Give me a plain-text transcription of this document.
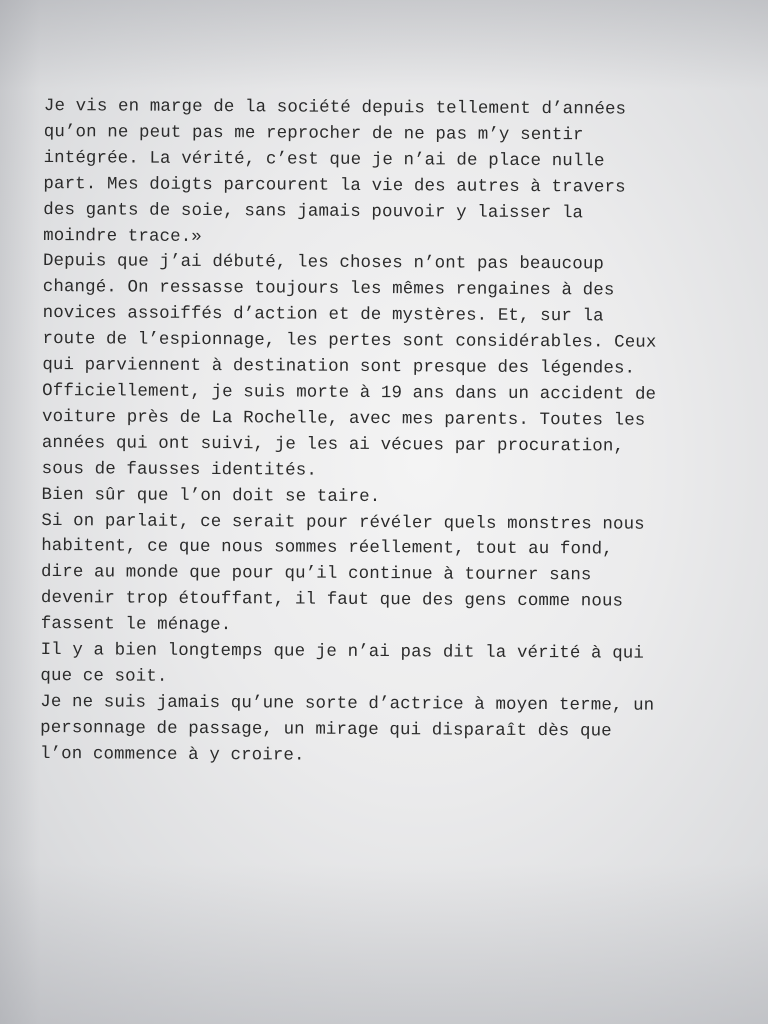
Je vis en marge de la société depuis tellement d’années
qu’on ne peut pas me reprocher de ne pas m’y sentir
intégrée. La vérité, c’est que je n’ai de place nulle
part. Mes doigts parcourent la vie des autres à travers
des gants de soie, sans jamais pouvoir y laisser la
moindre trace.»
Depuis que j’ai débuté, les choses n’ont pas beaucoup
changé. On ressasse toujours les mêmes rengaines à des
novices assoiffés d’action et de mystères. Et, sur la
route de l’espionnage, les pertes sont considérables. Ceux
qui parviennent à destination sont presque des légendes.
Officiellement, je suis morte à 19 ans dans un accident de
voiture près de La Rochelle, avec mes parents. Toutes les
années qui ont suivi, je les ai vécues par procuration,
sous de fausses identités.
Bien sûr que l’on doit se taire.
Si on parlait, ce serait pour révéler quels monstres nous
habitent, ce que nous sommes réellement, tout au fond,
dire au monde que pour qu’il continue à tourner sans
devenir trop étouffant, il faut que des gens comme nous
fassent le ménage.
Il y a bien longtemps que je n’ai pas dit la vérité à qui
que ce soit.
Je ne suis jamais qu’une sorte d’actrice à moyen terme, un
personnage de passage, un mirage qui disparaît dès que
l’on commence à y croire.
